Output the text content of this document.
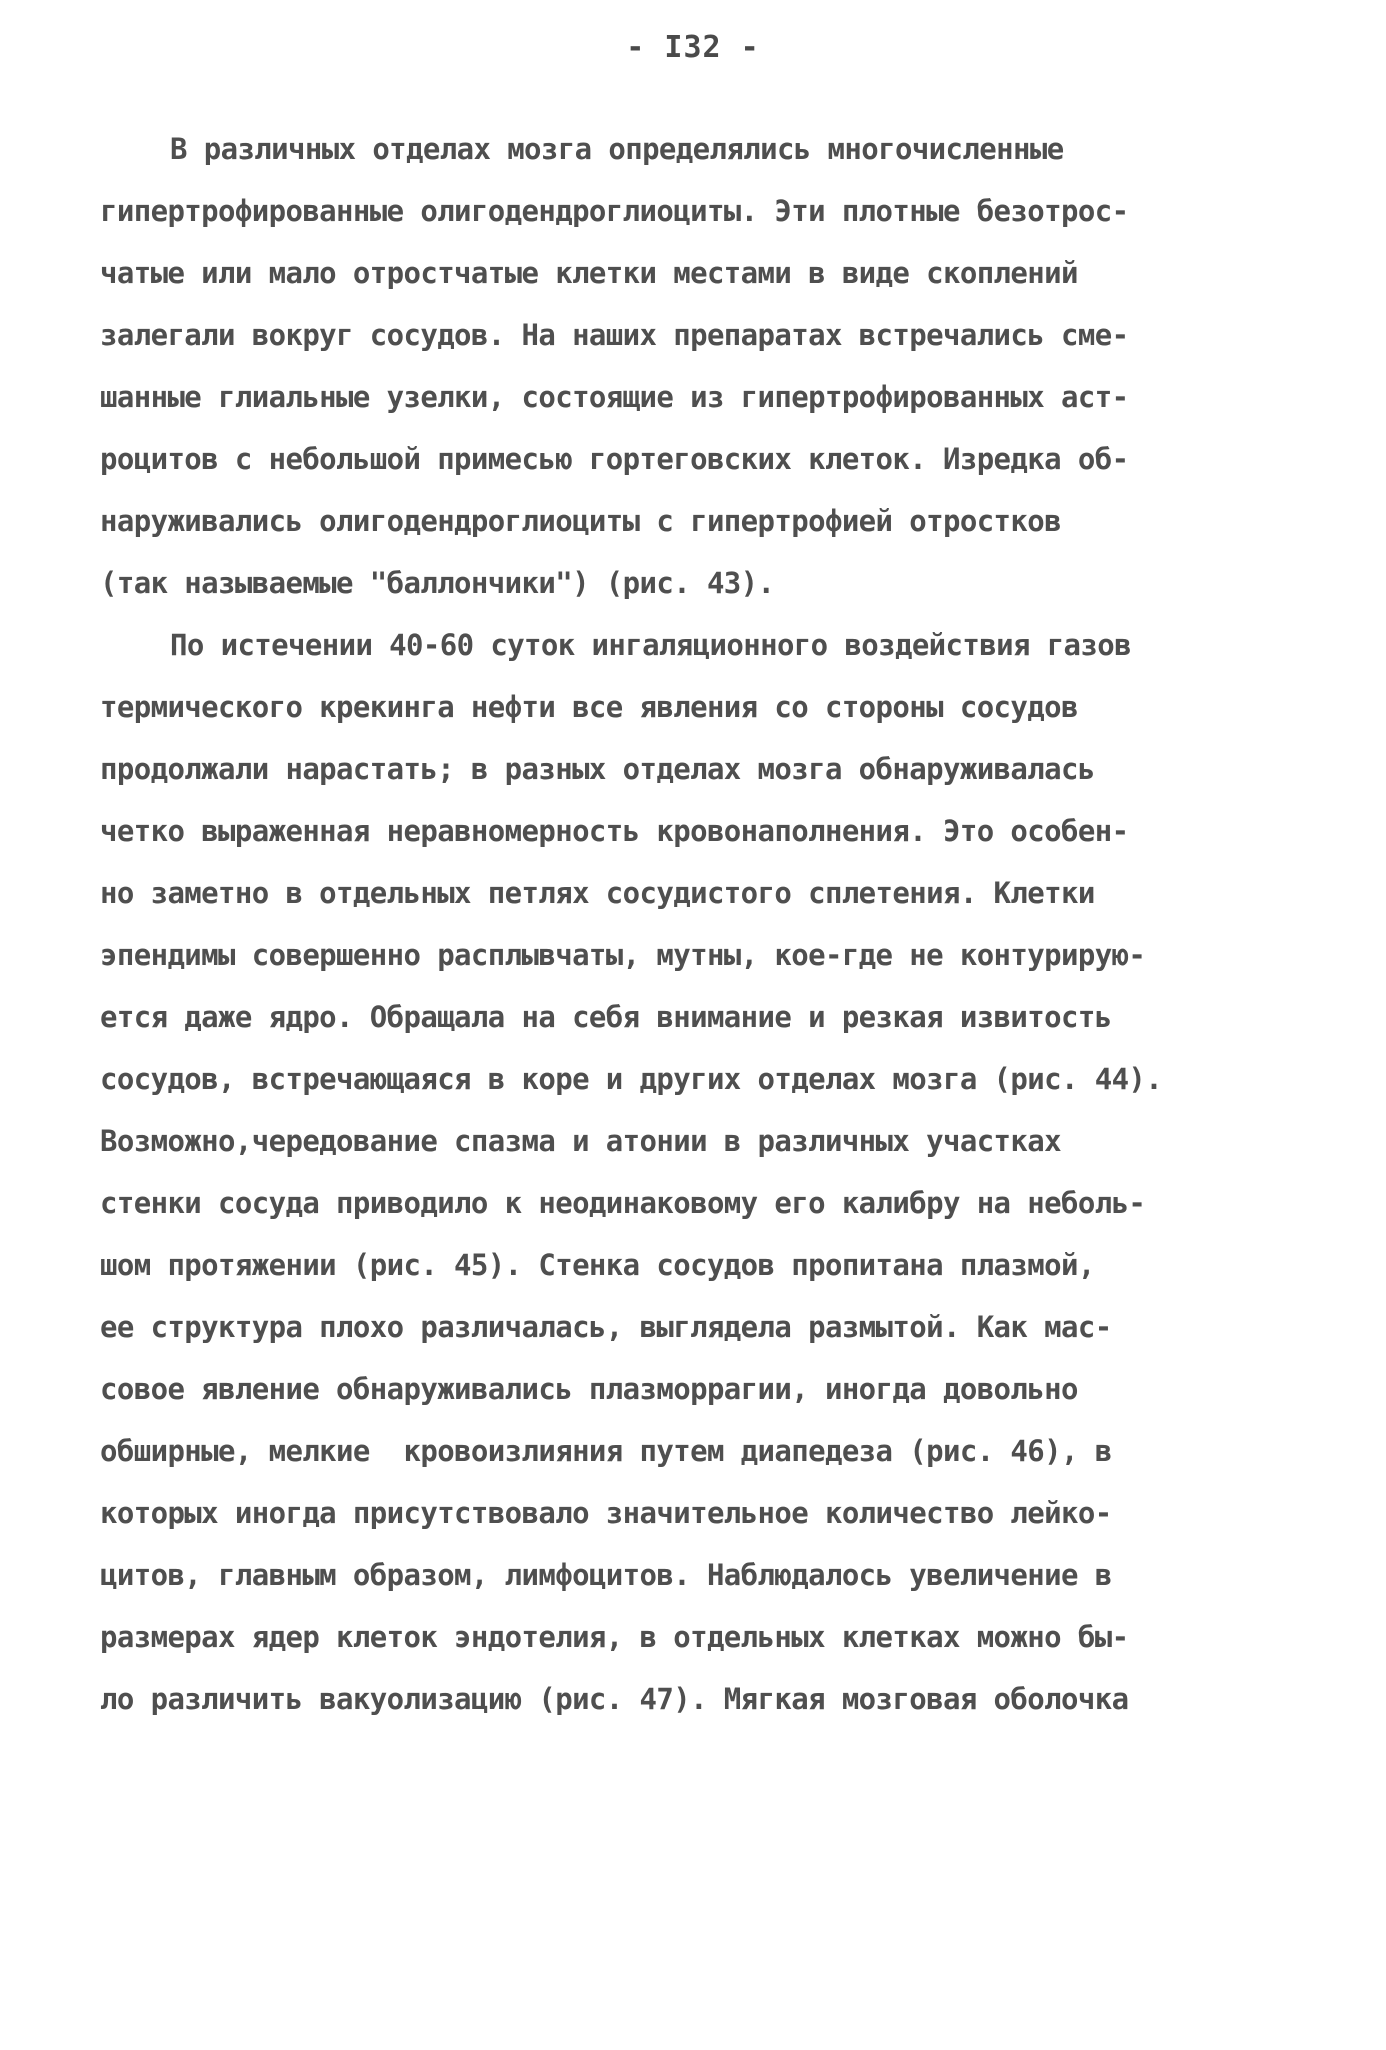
- I32 -
В различных отделах мозга определялись многочисленные
гипертрофированные олигодендроглиоциты. Эти плотные безотрос-
чатые или мало отростчатые клетки местами в виде скоплений
залегали вокруг сосудов. На наших препаратах встречались сме-
шанные глиальные узелки, состоящие из гипертрофированных аст-
роцитов с небольшой примесью гортеговских клеток. Изредка об-
наруживались олигодендроглиоциты с гипертрофией отростков
(так называемые "баллончики") (рис. 43).
По истечении 40-60 суток ингаляционного воздействия газов
термического крекинга нефти все явления со стороны сосудов
продолжали нарастать; в разных отделах мозга обнаруживалась
четко выраженная неравномерность кровонаполнения. Это особен-
но заметно в отдельных петлях сосудистого сплетения. Клетки
эпендимы совершенно расплывчаты, мутны, кое-где не контурирую-
ется даже ядро. Обращала на себя внимание и резкая извитость
сосудов, встречающаяся в коре и других отделах мозга (рис. 44).
Возможно,чередование спазма и атонии в различных участках
стенки сосуда приводило к неодинаковому его калибру на неболь-
шом протяжении (рис. 45). Стенка сосудов пропитана плазмой,
ее структура плохо различалась, выглядела размытой. Как мас-
совое явление обнаруживались плазморрагии, иногда довольно
обширные, мелкие  кровоизлияния путем диапедеза (рис. 46), в
которых иногда присутствовало значительное количество лейко-
цитов, главным образом, лимфоцитов. Наблюдалось увеличение в
размерах ядер клеток эндотелия, в отдельных клетках можно бы-
ло различить вакуолизацию (рис. 47). Мягкая мозговая оболочка
